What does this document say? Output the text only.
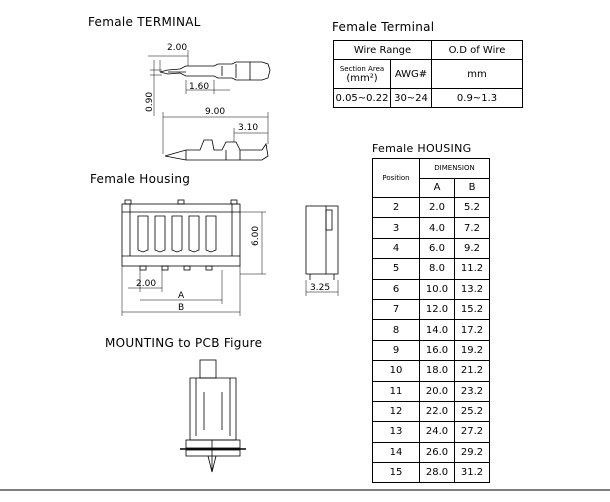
Female TERMINAL	Female Terminal
Female Housing
Female HOUSING
MOUNTING to PCB Figure
2.00
1.60
0.90	9.00
3.10
6.00
2.00
A
B
3.25
Wire Range		O.D of Wire

Section Area
(mm²)	AWG#	mm
0.05~0.22	30~24	0.9~1.3
Position	DIMENSION	
	A	B
2	2.0	5.2
3	4.0	7.2
4	6.0	9.2
5	8.0	11.2
6	10.0	13.2
7	12.0	15.2
8	14.0	17.2
9	16.0	19.2
10	18.0	21.2
11	20.0	23.2
12	22.0	25.2
13	24.0	27.2
14	26.0	29.2
15	28.0	31.2
